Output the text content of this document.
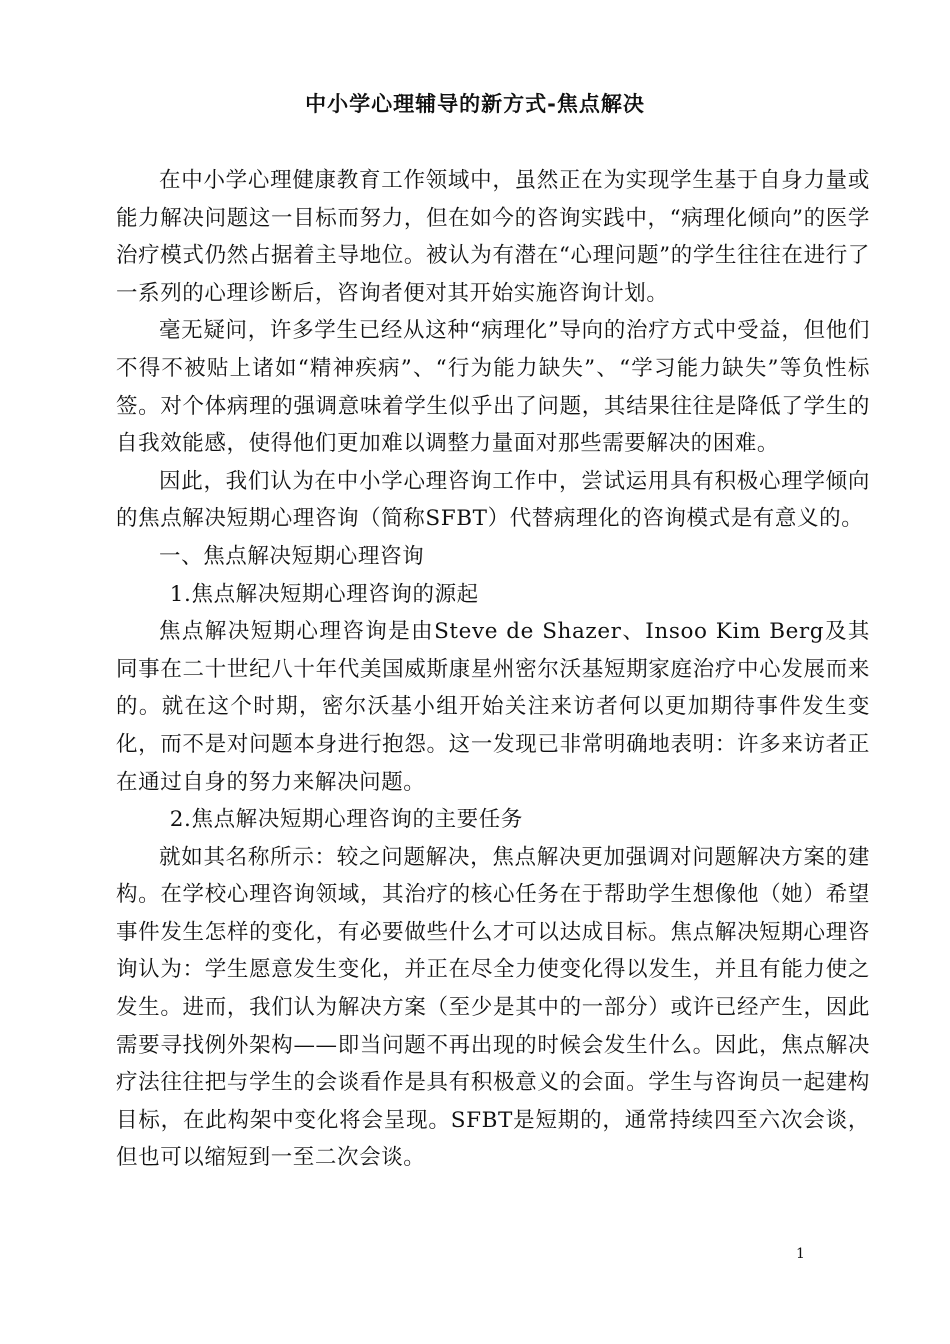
中小学心理辅导的新方式-焦点解决

在中小学心理健康教育工作领域中，虽然正在为实现学生基于自身力量或能力解决问题这一目标而努力，但在如今的咨询实践中，“病理化倾向”的医学治疗模式仍然占据着主导地位。被认为有潜在“心理问题”的学生往往在进行了一系列的心理诊断后，咨询者便对其开始实施咨询计划。

毫无疑问，许多学生已经从这种“病理化”导向的治疗方式中受益，但他们不得不被贴上诸如“精神疾病”、“行为能力缺失”、“学习能力缺失”等负性标签。对个体病理的强调意味着学生似乎出了问题，其结果往往是降低了学生的自我效能感，使得他们更加难以调整力量面对那些需要解决的困难。

因此，我们认为在中小学心理咨询工作中，尝试运用具有积极心理学倾向的焦点解决短期心理咨询（简称SFBT）代替病理化的咨询模式是有意义的。

一、焦点解决短期心理咨询

1.焦点解决短期心理咨询的源起

焦点解决短期心理咨询是由Steve de Shazer、Insoo Kim Berg及其同事在二十世纪八十年代美国威斯康星州密尔沃基短期家庭治疗中心发展而来的。就在这个时期，密尔沃基小组开始关注来访者何以更加期待事件发生变化，而不是对问题本身进行抱怨。这一发现已非常明确地表明：许多来访者正在通过自身的努力来解决问题。

2.焦点解决短期心理咨询的主要任务

就如其名称所示：较之问题解决，焦点解决更加强调对问题解决方案的建构。在学校心理咨询领域，其治疗的核心任务在于帮助学生想像他（她）希望事件发生怎样的变化，有必要做些什么才可以达成目标。焦点解决短期心理咨询认为：学生愿意发生变化，并正在尽全力使变化得以发生，并且有能力使之发生。进而，我们认为解决方案（至少是其中的一部分）或许已经产生，因此需要寻找例外架构——即当问题不再出现的时候会发生什么。因此，焦点解决疗法往往把与学生的会谈看作是具有积极意义的会面。学生与咨询员一起建构目标，在此构架中变化将会呈现。SFBT是短期的，通常持续四至六次会谈，但也可以缩短到一至二次会谈。

1
